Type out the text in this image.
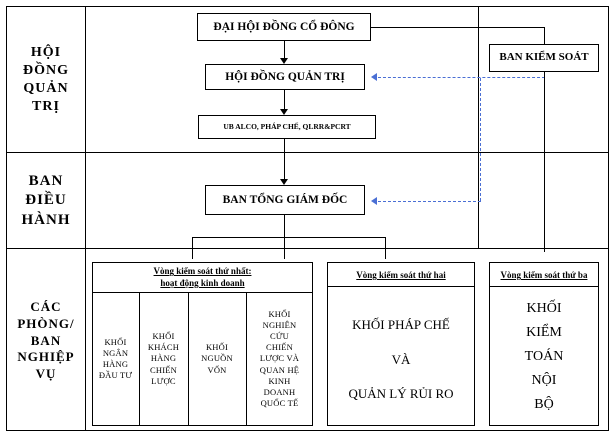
HỘI
ĐỒNG
QUẢN
TRỊ
BAN
ĐIỀU
HÀNH
CÁC
PHÒNG/
BAN
NGHIỆP
VỤ
ĐẠI HỘI ĐỒNG CỔ ĐÔNG
BAN KIỂM SOÁT
HỘI ĐỒNG QUẢN TRỊ
UB ALCO, PHÁP CHẾ, QLRR&PCRT
BAN TỔNG GIÁM ĐỐC
Vòng kiểm soát thứ nhất:
hoạt động kinh doanh
KHỐI
NGÂN
HÀNG
ĐẦU TƯ
KHỐI
KHÁCH
HÀNG
CHIẾN
LƯỢC
KHỐI
NGUỒN
VỐN
KHỐI
NGHIÊN
CỨU
CHIẾN
LƯỢC VÀ
QUAN HỆ
KINH
DOANH
QUỐC TẾ
Vòng kiểm soát thứ hai
KHỐI PHÁP CHẾ
VÀ
QUẢN LÝ RỦI RO
Vòng kiểm soát thứ ba
KHỐI
KIỂM
TOÁN
NỘI
BỘ
